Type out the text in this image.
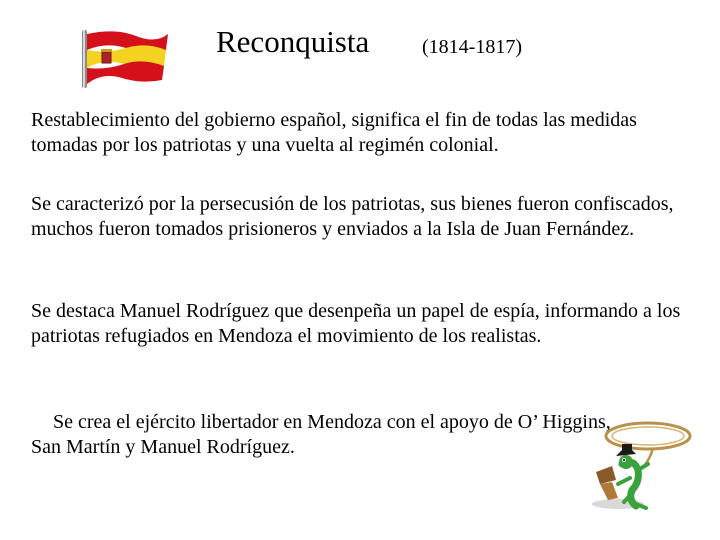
Reconquista	(1814-1817)

Restablecimiento del gobierno español, significa el fin de todas las medidas tomadas por los patriotas y una vuelta al regimén colonial.

Se caracterizó por la persecusión de los patriotas, sus bienes fueron confiscados, muchos fueron tomados prisioneros y enviados a la Isla de Juan Fernández.

Se destaca Manuel Rodríguez que desenpeña un papel de espía, informando a los patriotas refugiados en Mendoza el movimiento de los realistas.

Se crea el ejército libertador en Mendoza con el apoyo de O’ Higgins, San Martín y Manuel Rodríguez.
